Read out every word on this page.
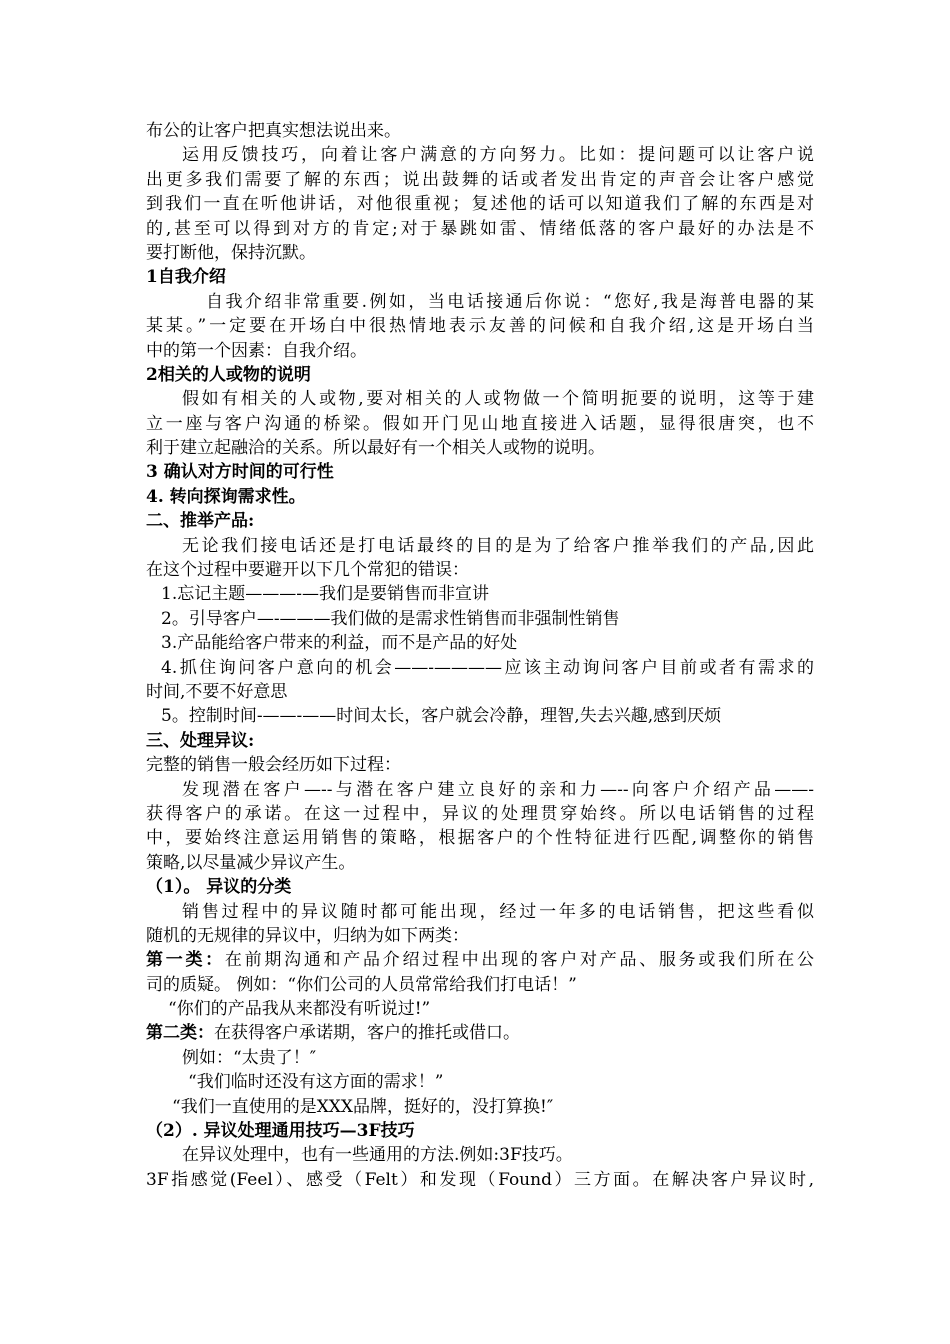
布公的让客户把真实想法说出来。
运用反馈技巧，向着让客户满意的方向努力。比如：提问题可以让客户说
出更多我们需要了解的东西；说出鼓舞的话或者发出肯定的声音会让客户感觉
到我们一直在听他讲话，对他很重视；复述他的话可以知道我们了解的东西是对
的,甚至可以得到对方的肯定;对于暴跳如雷、情绪低落的客户最好的办法是不
要打断他，保持沉默。
1自我介绍
自我介绍非常重要.例如，当电话接通后你说：“您好,我是海普电器的某
某某。”一定要在开场白中很热情地表示友善的问候和自我介绍,这是开场白当
中的第一个因素：自我介绍。
2相关的人或物的说明
假如有相关的人或物,要对相关的人或物做一个简明扼要的说明，这等于建
立一座与客户沟通的桥梁。假如开门见山地直接进入话题，显得很唐突，也不
利于建立起融洽的关系。所以最好有一个相关人或物的说明。
3 确认对方时间的可行性
4. 转向探询需求性。
二、推举产品:
无论我们接电话还是打电话最终的目的是为了给客户推举我们的产品,因此
在这个过程中要避开以下几个常犯的错误：
1.忘记主题———-—我们是要销售而非宣讲
2。引导客户—-———我们做的是需求性销售而非强制性销售
3.产品能给客户带来的利益，而不是产品的好处
4.抓住询问客户意向的机会——-————应该主动询问客户目前或者有需求的
时间,不要不好意思
5。控制时间-——-——时间太长，客户就会冷静，理智,失去兴趣,感到厌烦
三、处理异议:
完整的销售一般会经历如下过程：
发现潜在客户—--与潜在客户建立良好的亲和力—--向客户介绍产品——-
获得客户的承诺。在这一过程中，异议的处理贯穿始终。所以电话销售的过程
中，要始终注意运用销售的策略，根据客户的个性特征进行匹配,调整你的销售
策略,以尽量减少异议产生。
（1）。 异议的分类
销售过程中的异议随时都可能出现，经过一年多的电话销售，把这些看似
随机的无规律的异议中，归纳为如下两类：
第一类：在前期沟通和产品介绍过程中出现的客户对产品、服务或我们所在公
司的质疑。 例如：“你们公司的人员常常给我们打电话！”
“你们的产品我从来都没有听说过!”
第二类：在获得客户承诺期，客户的推托或借口。
例如：“太贵了！″
“我们临时还没有这方面的需求！”
“我们一直使用的是XXX品牌，挺好的，没打算换!″
（2）. 异议处理通用技巧—3F技巧
在异议处理中，也有一些通用的方法.例如:3F技巧。
3F指感觉(Feel）、感受（Felt）和发现（Found）三方面。在解决客户异议时,
